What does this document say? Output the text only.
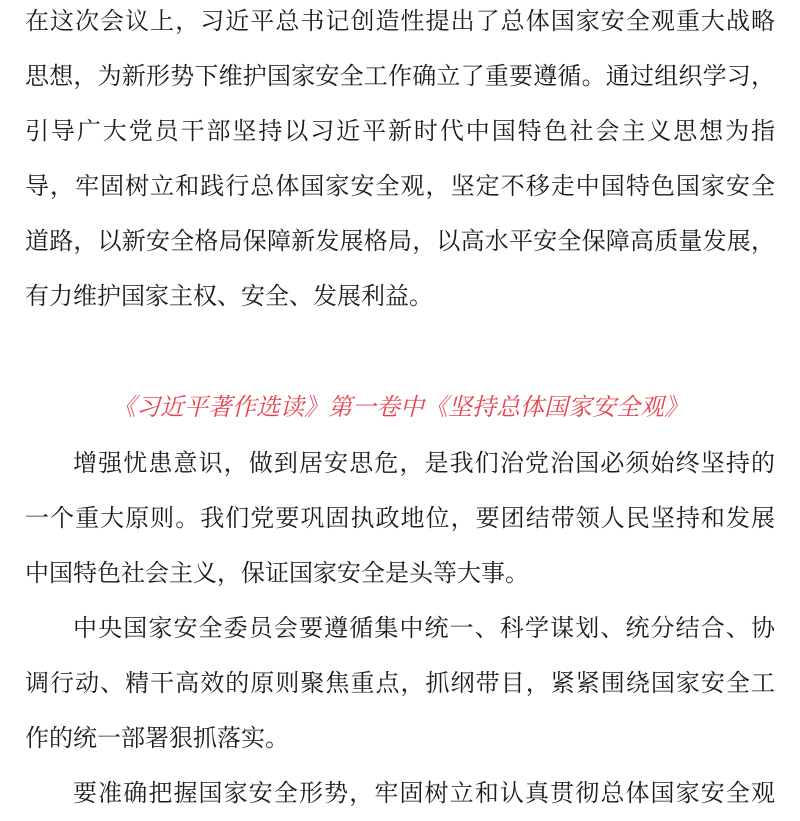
在这次会议上，习近平总书记创造性提出了总体国家安全观重大战略
思想，为新形势下维护国家安全工作确立了重要遵循。通过组织学习，
引导广大党员干部坚持以习近平新时代中国特色社会主义思想为指
导，牢固树立和践行总体国家安全观，坚定不移走中国特色国家安全
道路，以新安全格局保障新发展格局，以高水平安全保障高质量发展，
有力维护国家主权、安全、发展利益。
《习近平著作选读》第一卷中《坚持总体国家安全观》
增强忧患意识，做到居安思危，是我们治党治国必须始终坚持的
一个重大原则。我们党要巩固执政地位，要团结带领人民坚持和发展
中国特色社会主义，保证国家安全是头等大事。
中央国家安全委员会要遵循集中统一、科学谋划、统分结合、协
调行动、精干高效的原则聚焦重点，抓纲带目，紧紧围绕国家安全工
作的统一部署狠抓落实。
要准确把握国家安全形势，牢固树立和认真贯彻总体国家安全观
